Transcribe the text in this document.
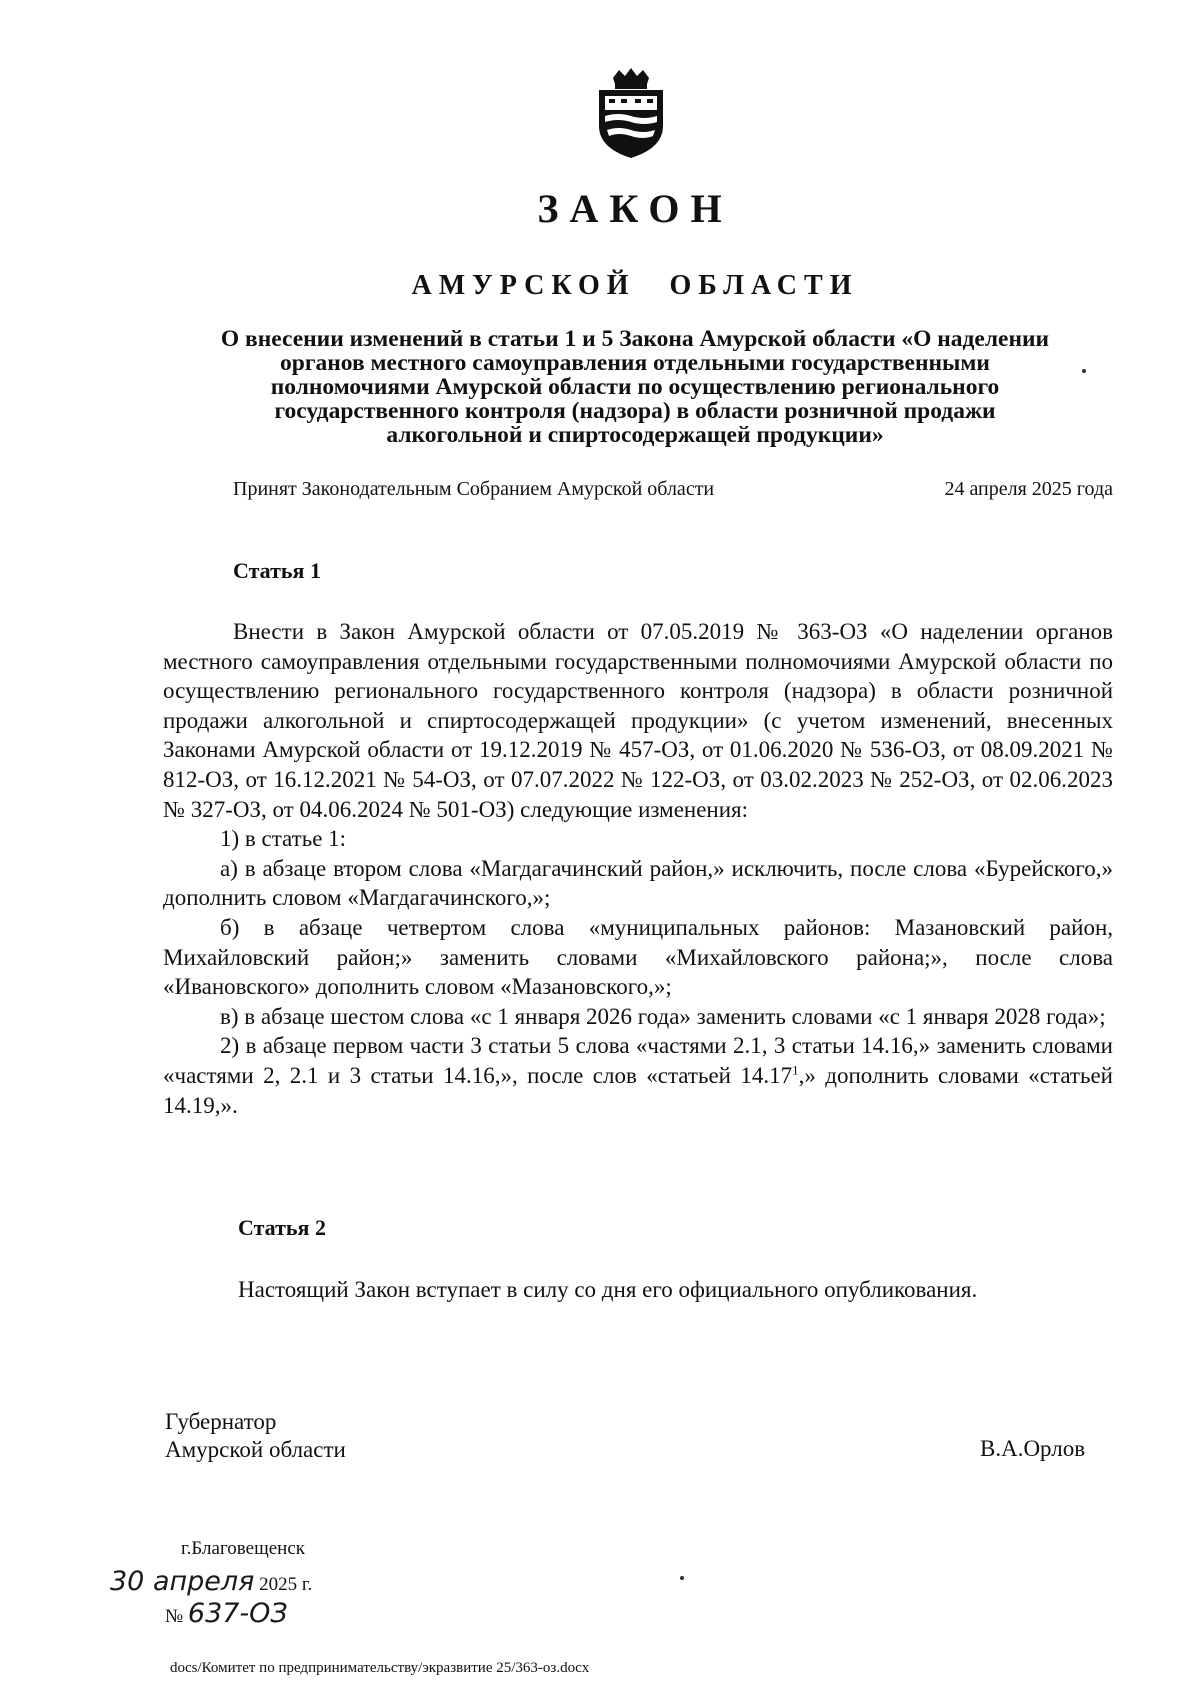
ЗАКОН
АМУРСКОЙ ОБЛАСТИ
О внесении изменений в статьи 1 и 5 Закона Амурской области «О наделении
органов местного самоуправления отдельными государственными
полномочиями Амурской области по осуществлению регионального
государственного контроля (надзора) в области розничной продажи
алкогольной и спиртосодержащей продукции»
Принят Законодательным Собранием Амурской области	24 апреля 2025 года
Статья 1

Внести в Закон Амурской области от 07.05.2019 № 363-ОЗ «О наделении органов местного самоуправления отдельными государственными полномочиями Амурской области по осуществлению регионального государственного контроля (надзора) в области розничной продажи алкогольной и спиртосодержащей продукции» (с учетом изменений, внесенных Законами Амурской области от 19.12.2019 № 457-ОЗ, от 01.06.2020 № 536-ОЗ, от 08.09.2021 № 812-ОЗ, от 16.12.2021 № 54-ОЗ, от 07.07.2022 № 122-ОЗ, от 03.02.2023 № 252-ОЗ, от 02.06.2023 № 327-ОЗ, от 04.06.2024 № 501-ОЗ) следующие изменения:

1) в статье 1:

а) в абзаце втором слова «Магдагачинский район,» исключить, после слова «Бурейского,» дополнить словом «Магдагачинского,»;

б) в абзаце четвертом слова «муниципальных районов: Мазановский район, Михайловский район;» заменить словами «Михайловского района;», после слова «Ивановского» дополнить словом «Мазановского,»;

в) в абзаце шестом слова «с 1 января 2026 года» заменить словами «с 1 января 2028 года»;

2) в абзаце первом части 3 статьи 5 слова «частями 2.1, 3 статьи 14.16,» заменить словами «частями 2, 2.1 и 3 статьи 14.16,», после слов «статьей 14.17$^1$,» дополнить словами «статьей 14.19,».

Статья 2
Настоящий Закон вступает в силу со дня его официального опубликования.
Губернатор
Амурской области	В.А.Орлов
г.Благовещенск
30 апреля 2025 г.
№ 637-ОЗ
docs/Комитет по предпринимательству/экразвитие 25/363-оз.docx
